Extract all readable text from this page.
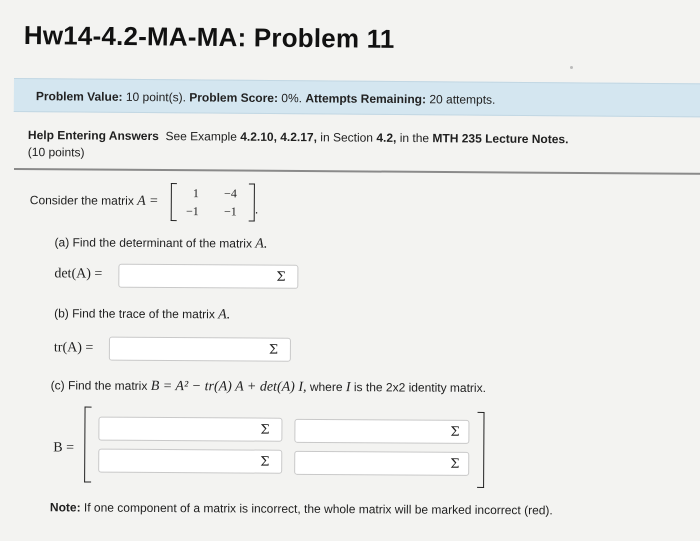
Hw14-4.2-MA-MA: Problem 11
Problem Value: 10 point(s). Problem Score: 0%. Attempts Remaining: 20 attempts.
Help Entering Answers See Example 4.2.10, 4.2.17, in Section 4.2, in the MTH 235 Lecture Notes.
(10 points)
Consider the matrix A =
1	−4
−1	−1 .
(a) Find the determinant of the matrix A.
det(A) =	Σ
(b) Find the trace of the matrix A.
tr(A) =	Σ
(c) Find the matrix B = A² − tr(A) A + det(A) I, where I is the 2x2 identity matrix.
B =
Σ	Σ
Σ	Σ
Note: If one component of a matrix is incorrect, the whole matrix will be marked incorrect (red).
